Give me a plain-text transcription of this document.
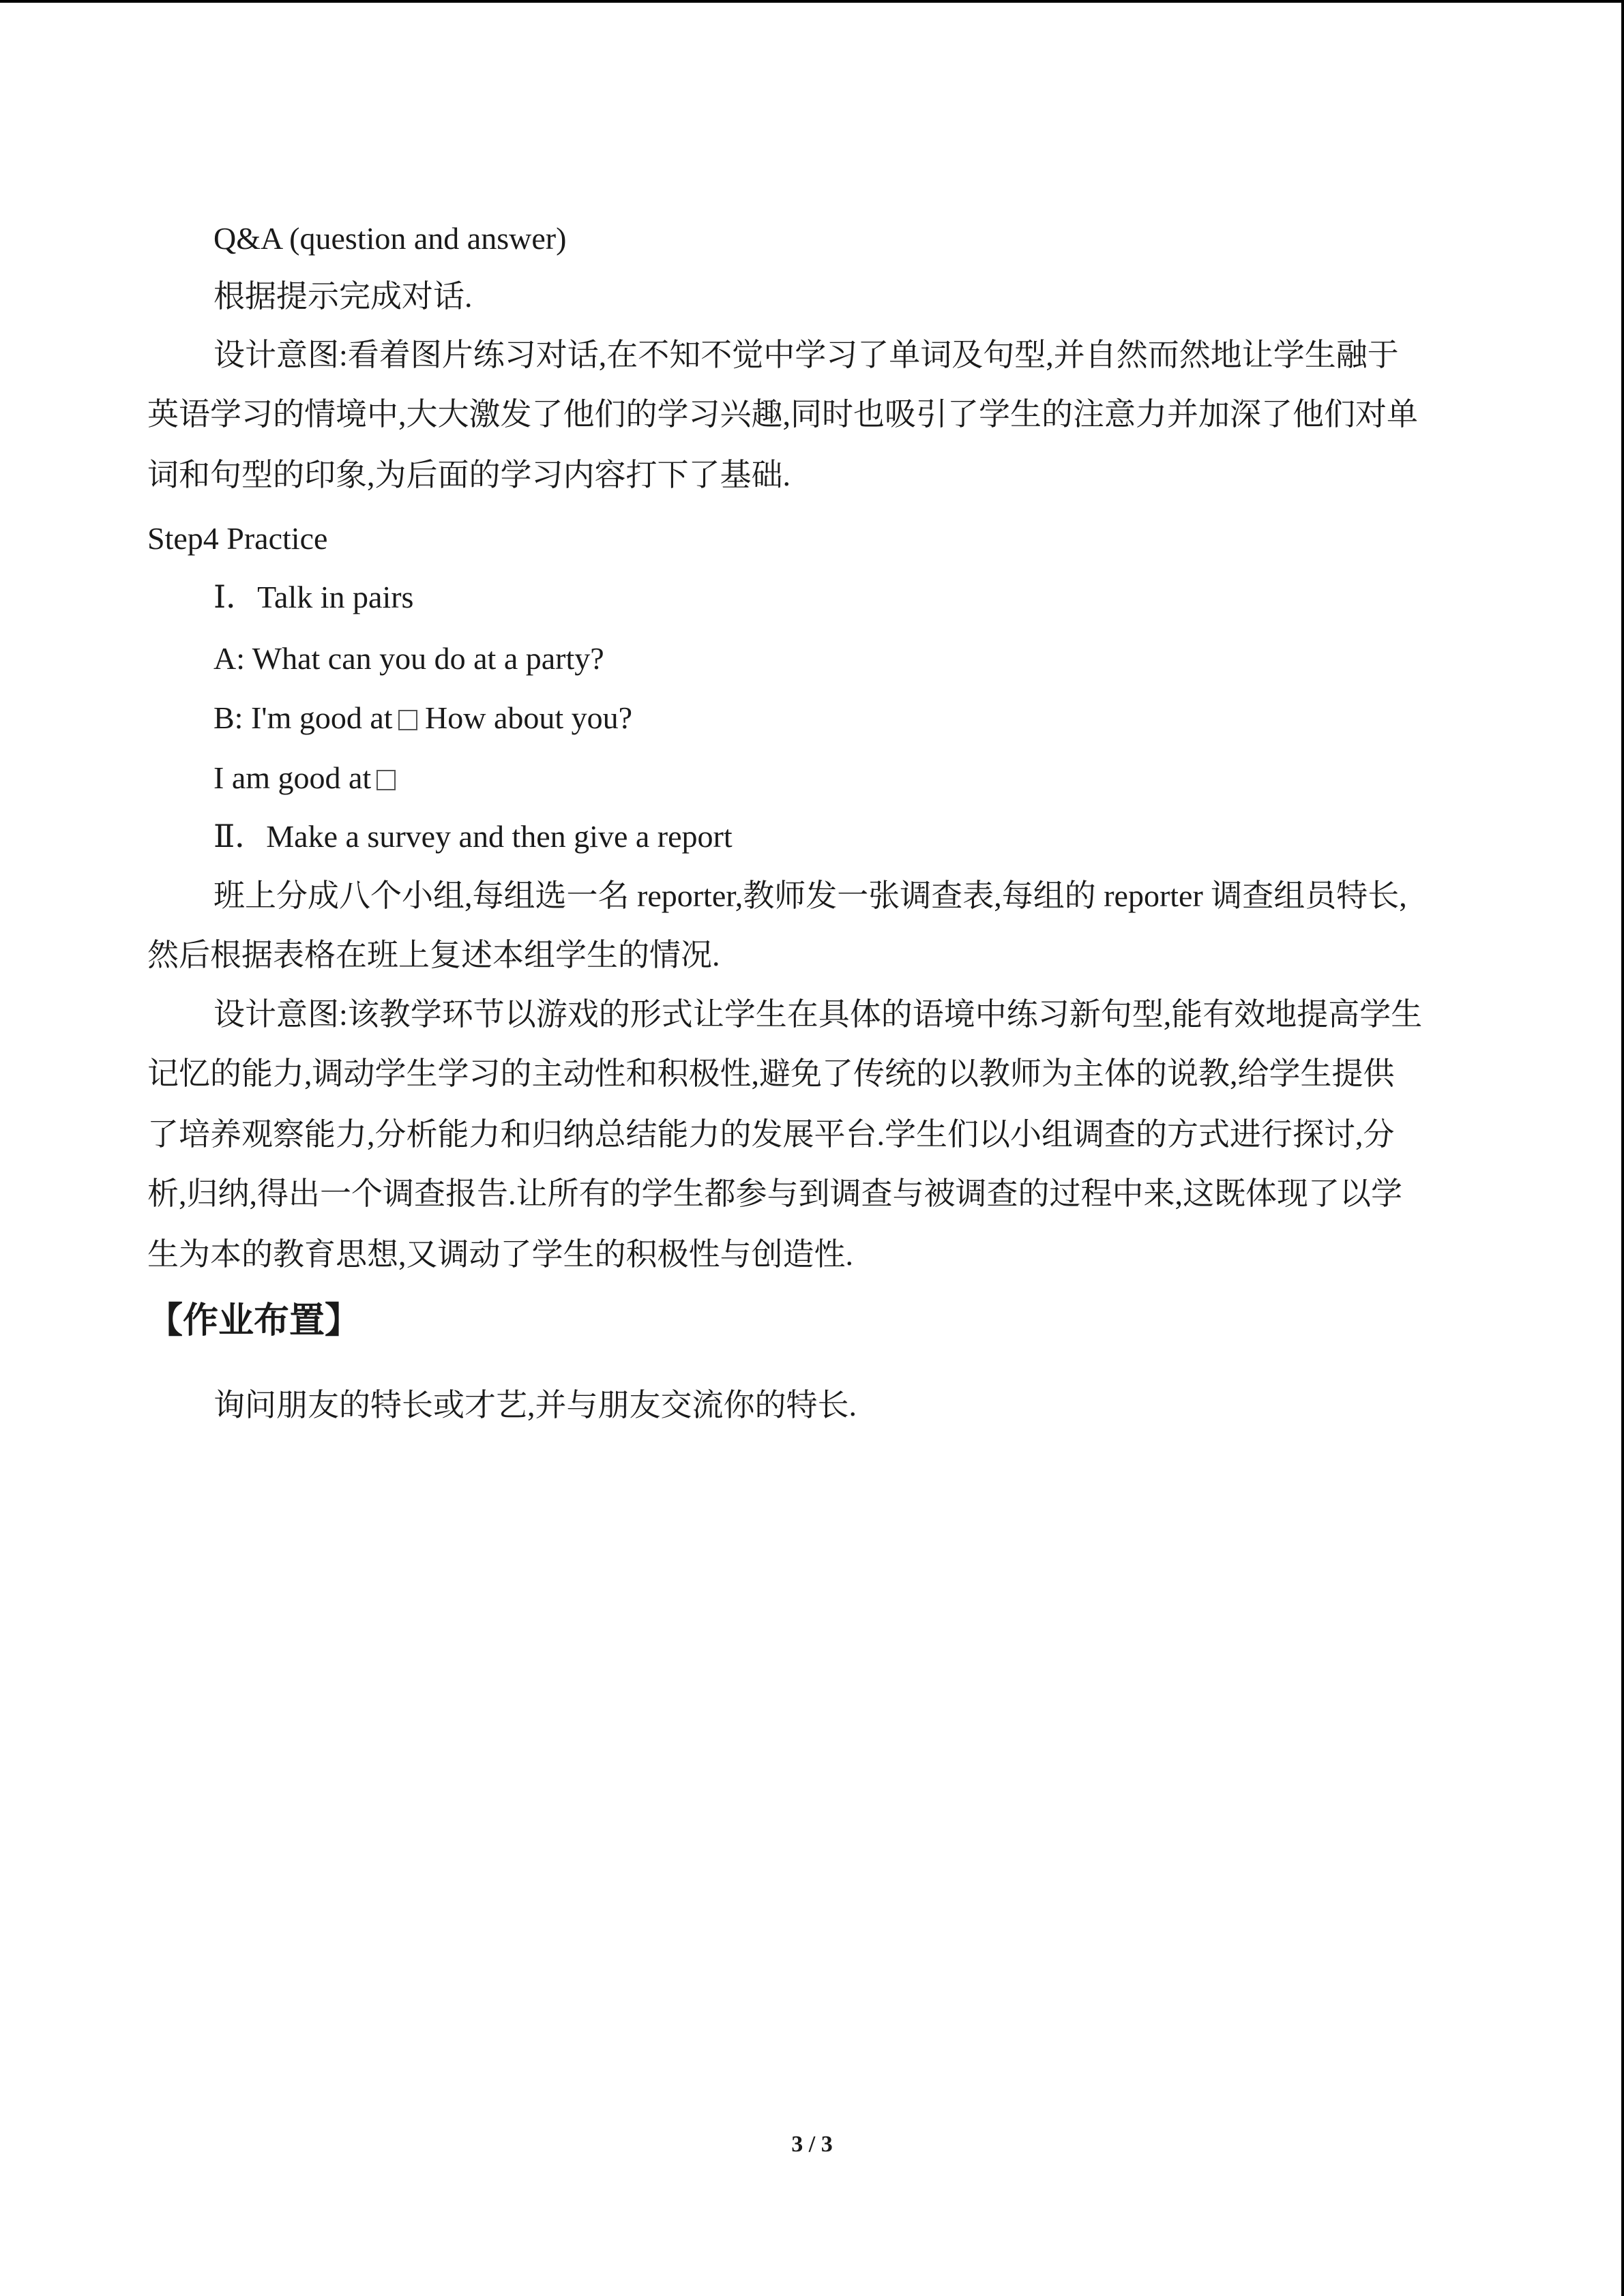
Q&A (question and answer)
根据提示完成对话.
设计意图:看着图片练习对话,在不知不觉中学习了单词及句型,并自然而然地让学生融于
英语学习的情境中,大大激发了他们的学习兴趣,同时也吸引了学生的注意力并加深了他们对单
词和句型的印象,为后面的学习内容打下了基础.
Step4 Practice
Ⅰ．Talk in pairs
A: What can you do at a party?
B: I'm good at How about you?
I am good at
Ⅱ．Make a survey and then give a report
班上分成八个小组,每组选一名 reporter,教师发一张调查表,每组的 reporter 调查组员特长,
然后根据表格在班上复述本组学生的情况.
设计意图:该教学环节以游戏的形式让学生在具体的语境中练习新句型,能有效地提高学生
记忆的能力,调动学生学习的主动性和积极性,避免了传统的以教师为主体的说教,给学生提供
了培养观察能力,分析能力和归纳总结能力的发展平台.学生们以小组调查的方式进行探讨,分
析,归纳,得出一个调查报告.让所有的学生都参与到调查与被调查的过程中来,这既体现了以学
生为本的教育思想,又调动了学生的积极性与创造性.
【作业布置】
询问朋友的特长或才艺,并与朋友交流你的特长.
3 / 3
